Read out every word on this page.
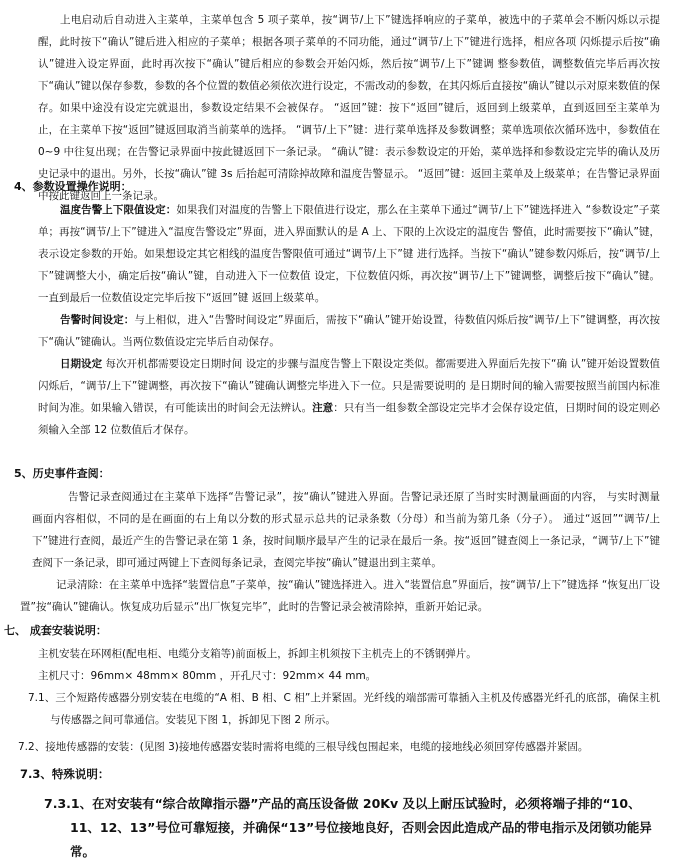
上电启动后自动进入主菜单，主菜单包含 5 项子菜单，按“调节/上下”键选择响应的子菜单，被选中的子菜单会不断闪烁以示提醒，此时按下“确认”键后进入相应的子菜单；根据各项子菜单的不同功能，通过“调节/上下”键进行选择，相应各项 闪烁提示后按“确认”键进入设定界面，此时再次按下“确认”键后相应的参数会开始闪烁，然后按“调节/上下”键调 整参数值，调整数值完毕后再次按下“确认”键以保存参数，参数的各个位置的数值必须依次进行设定，不需改动的参数，在其闪烁后直接按“确认”键以示对原来数值的保存。如果中途没有设定完就退出，参数设定结果不会被保存。 “返回”键：按下“返回”键后，返回到上级菜单，直到返回至主菜单为止，在主菜单下按“返回”键返回取消当前菜单的选择。 “调节/上下”键：进行菜单选择及参数调整；菜单选项依次循环选中，参数值在 0~9 中往复出现；在告警记录界面中按此键返回下一条记录。 “确认”键：表示参数设定的开始，菜单选择和参数设定完毕的确认及历史记录中的退出。另外，长按“确认”键 3s 后抬起可清除掉故障和温度告警显示。 “返回”键：返回主菜单及上级菜单；在告警记录界面中按此键返回上一条记录。

4、参数设置操作说明：

温度告警上下限值设定：如果我们对温度的告警上下限值进行设定，那么在主菜单下通过“调节/上下”键选择进入 “参数设定”子菜单；再按“调节/上下”键进入“温度告警设定”界面，进入界面默认的是 A 上、下限的上次设定的温度告 警值，此时需要按下“确认”键，表示设定参数的开始。如果想设定其它相线的温度告警限值可通过“调节/上下”键 进行选择。当按下“确认”键参数闪烁后，按“调节/上下”键调整大小，确定后按“确认”键，自动进入下一位数值 设定，下位数值闪烁，再次按“调节/上下”键调整，调整后按下“确认”键。一直到最后一位数值设定完毕后按下“返回”键 返回上级菜单。

告警时间设定：与上相似，进入“告警时间设定”界面后，需按下“确认”键开始设置，待数值闪烁后按“调节/上下”键调整，再次按下“确认”键确认。当两位数值设定完毕后自动保存。

日期设定 每次开机都需要设定日期时间 设定的步骤与温度告警上下限设定类似。都需要进入界面后先按下“确 认”键开始设置数值闪烁后，“调节/上下”键调整，再次按下“确认”键确认调整完毕进入下一位。只是需要说明的 是日期时间的输入需要按照当前国内标准时间为准。如果输入错误，有可能读出的时间会无法辨认。注意：只有当一组参数全部设定完毕才会保存设定值，日期时间的设定则必须输入全部 12 位数值后才保存。

5、历史事件查阅：

告警记录查阅通过在主菜单下选择“告警记录”，按“确认”键进入界面。告警记录还原了当时实时测量画面的内容， 与实时测量画面内容相似，不同的是在画面的右上角以分数的形式显示总共的记录条数（分母）和当前为第几条（分子）。 通过“返回”“调节/上下”键进行查阅，最近产生的告警记录在第 1 条，按时间顺序最早产生的记录在最后一条。按“返回”键查阅上一条记录，“调节/上下”键查阅下一条记录，即可通过两键上下查阅每条记录，查阅完毕按“确认”键退出到主菜单。

记录清除：在主菜单中选择“装置信息”子菜单，按“确认”键选择进入。进入“装置信息”界面后，按“调节/上下”键选择 “恢复出厂设置”按“确认”键确认。恢复成功后显示“出厂恢复完毕”，此时的告警记录会被清除掉，重新开始记录。

七、 成套安装说明：

主机安装在环网柜(配电柜、电缆分支箱等)前面板上，拆卸主机须按下主机壳上的不锈钢弹片。

主机尺寸：96mm× 48mm× 80mm ，开孔尺寸：92mm× 44 mm。

7.1、三个短路传感器分别安装在电缆的“A 相、B 相、C 相”上并紧固。光纤线的端部需可靠插入主机及传感器光纤孔的底部，确保主机与传感器之间可靠通信。安装见下图 1，拆卸见下图 2 所示。

7.2、接地传感器的安装：(见图 3)接地传感器安装时需将电缆的三根导线包围起来，电缆的接地线必须回穿传感器并紧固。

7.3、特殊说明：

7.3.1、在对安装有“综合故障指示器”产品的高压设备做 20Kv 及以上耐压试验时，必须将端子排的“10、11、12、13”号位可靠短接，并确保“13”号位接地良好，否则会因此造成产品的带电指示及闭锁功能异常。
